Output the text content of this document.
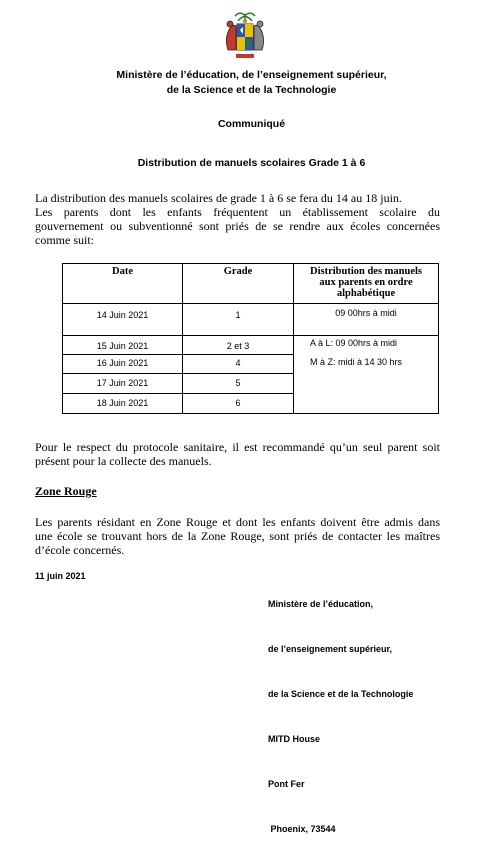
Ministère de l’éducation, de l’enseignement supérieur,
de la Science et de la Technologie
Communiqué
Distribution de manuels scolaires Grade 1 à 6
La distribution des manuels scolaires de grade 1 à 6 se fera du 14 au 18 juin.
Les parents dont les enfants fréquentent un établissement scolaire du
gouvernement ou subventionné sont priés de se rendre aux écoles concernées
comme suit:
Date	Grade	Distribution des manuels
aux parents en ordre
alphabétique

14 Juin 2021	1	09 00hrs à midi
15 Juin 2021	2 et 3	A à L: 09 00hrs à midi
M à Z: midi à 14 30 hrs

16 Juin 2021	4	
17 Juin 2021	5	
18 Juin 2021	6	
Pour le respect du protocole sanitaire, il est recommandé qu’un seul parent soit
présent pour la collecte des manuels.
Zone Rouge
Les parents résidant en Zone Rouge et dont les enfants doivent être admis dans
une école se trouvant hors de la Zone Rouge, sont priés de contacter les maîtres
d’école concernés.
11 juin 2021

Ministère de l’éducation,

de l’enseignement supérieur,

de la Science et de la Technologie

MITD House

Pont Fer

Phoenix, 73544
